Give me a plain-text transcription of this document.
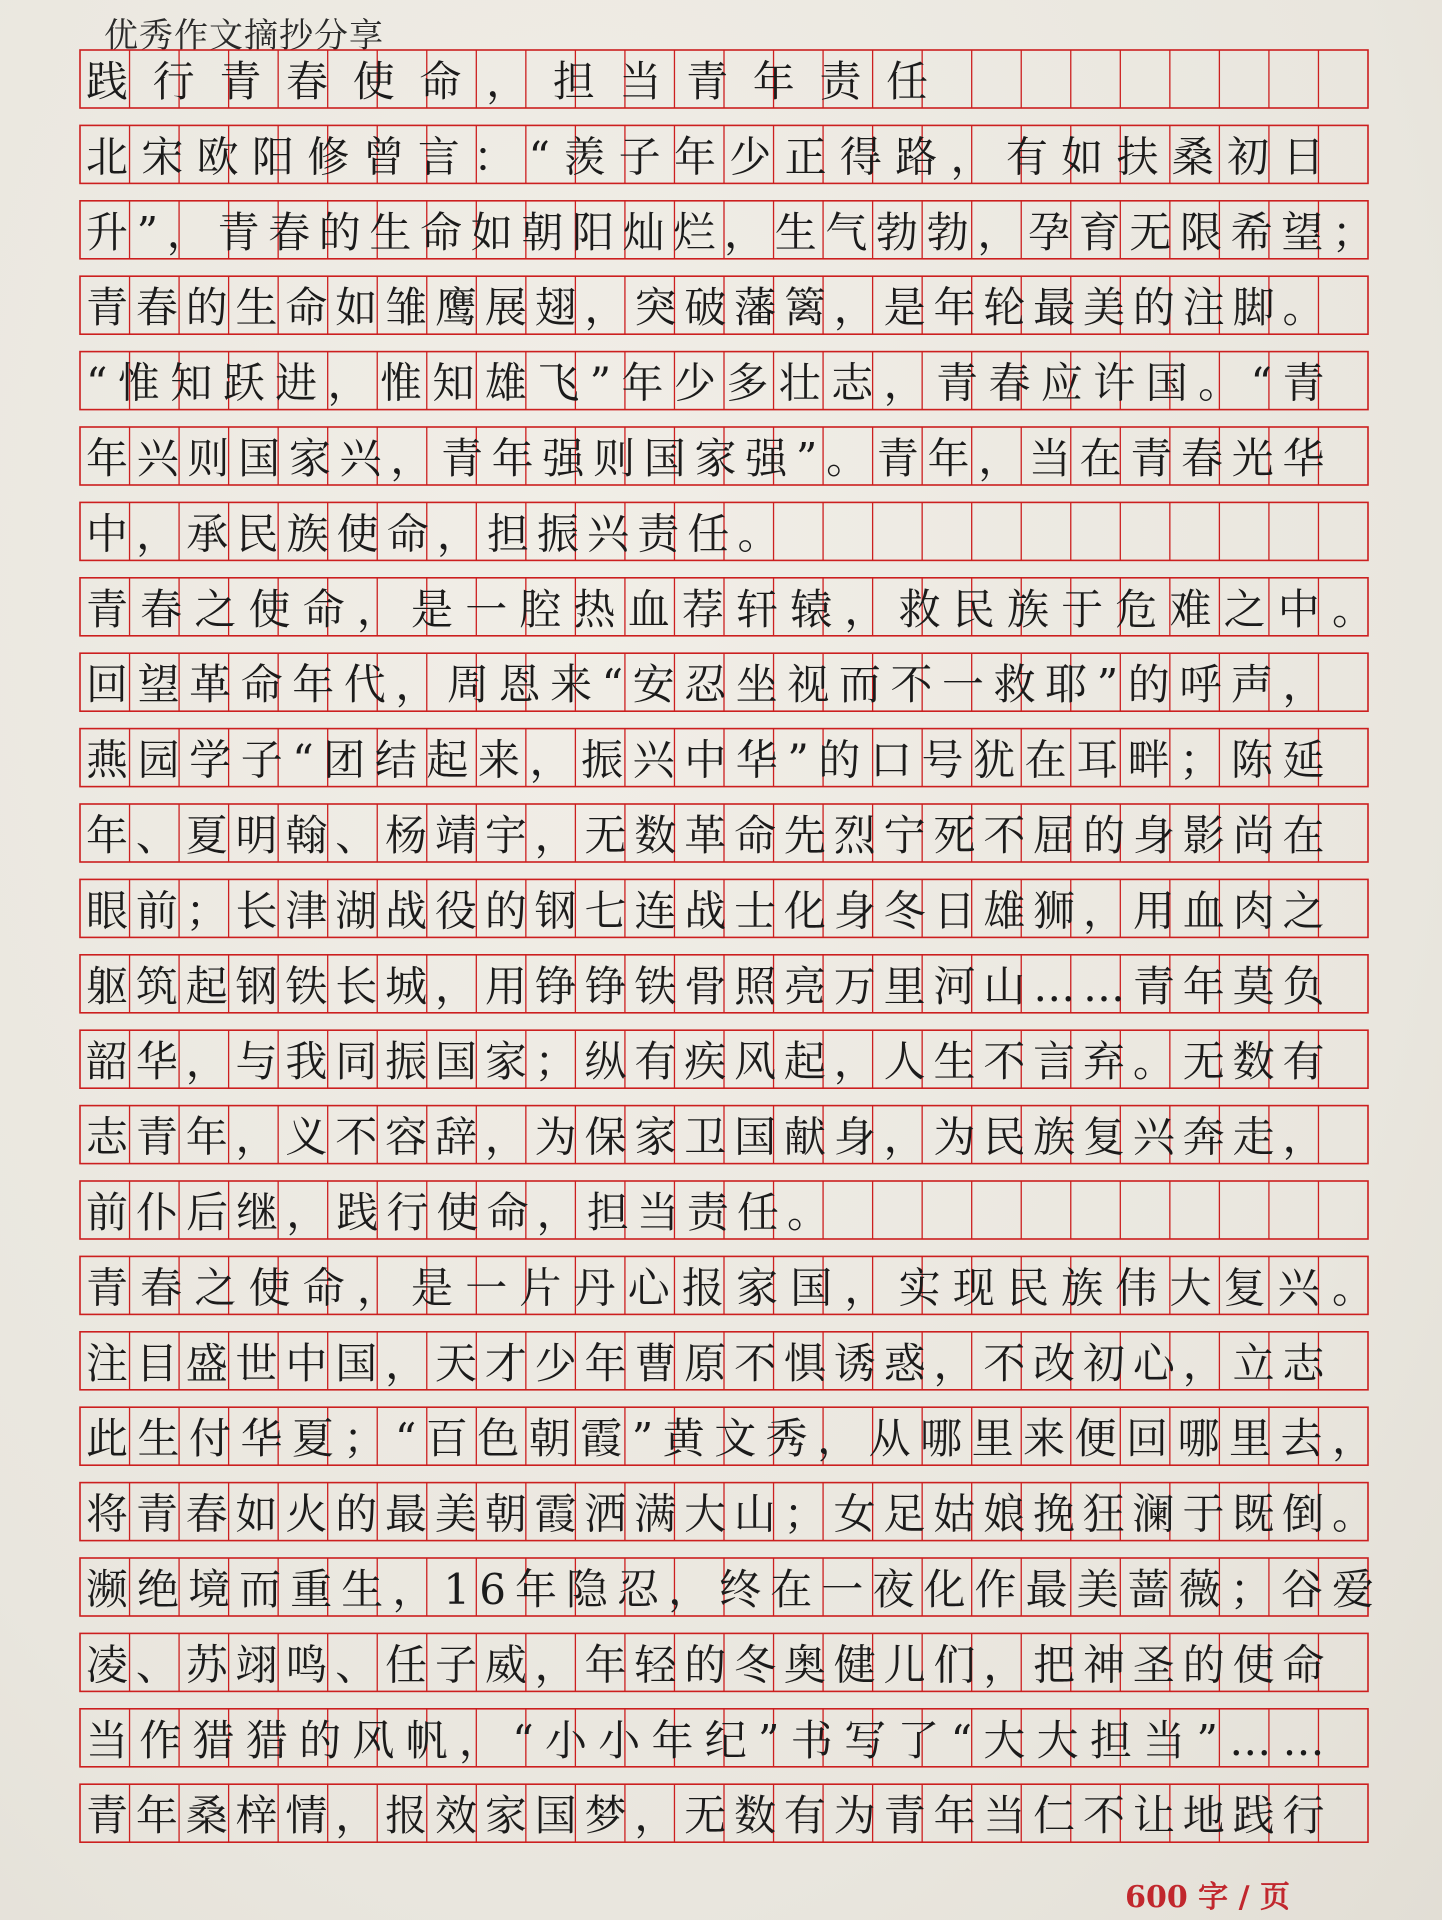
优秀作文摘抄分享
践行青春使命，担当青年责任
北宋欧阳修曾言：“羡子年少正得路，有如扶桑初日
升”，青春的生命如朝阳灿烂，生气勃勃，孕育无限希望；
青春的生命如雏鹰展翅，突破藩篱，是年轮最美的注脚。
“惟知跃进，惟知雄飞”年少多壮志，青春应许国。“青
年兴则国家兴，青年强则国家强”。青年，当在青春光华
中，承民族使命，担振兴责任。
青春之使命，是一腔热血荐轩辕，救民族于危难之中。
回望革命年代，周恩来“安忍坐视而不一救耶”的呼声，
燕园学子“团结起来，振兴中华”的口号犹在耳畔；陈延
年、夏明翰、杨靖宇，无数革命先烈宁死不屈的身影尚在
眼前；长津湖战役的钢七连战士化身冬日雄狮，用血肉之
躯筑起钢铁长城，用铮铮铁骨照亮万里河山……青年莫负
韶华，与我同振国家；纵有疾风起，人生不言弃。无数有
志青年，义不容辞，为保家卫国献身，为民族复兴奔走，
前仆后继，践行使命，担当责任。
青春之使命，是一片丹心报家国，实现民族伟大复兴。
注目盛世中国，天才少年曹原不惧诱惑，不改初心，立志
此生付华夏；“百色朝霞”黄文秀，从哪里来便回哪里去，
将青春如火的最美朝霞洒满大山；女足姑娘挽狂澜于既倒。
濒绝境而重生，16年隐忍，终在一夜化作最美蔷薇；谷爱
凌、苏翊鸣、任子威，年轻的冬奥健儿们，把神圣的使命
当作猎猎的风帆，“小小年纪”书写了“大大担当”……
青年桑梓情，报效家国梦，无数有为青年当仁不让地践行
600 字 / 页
